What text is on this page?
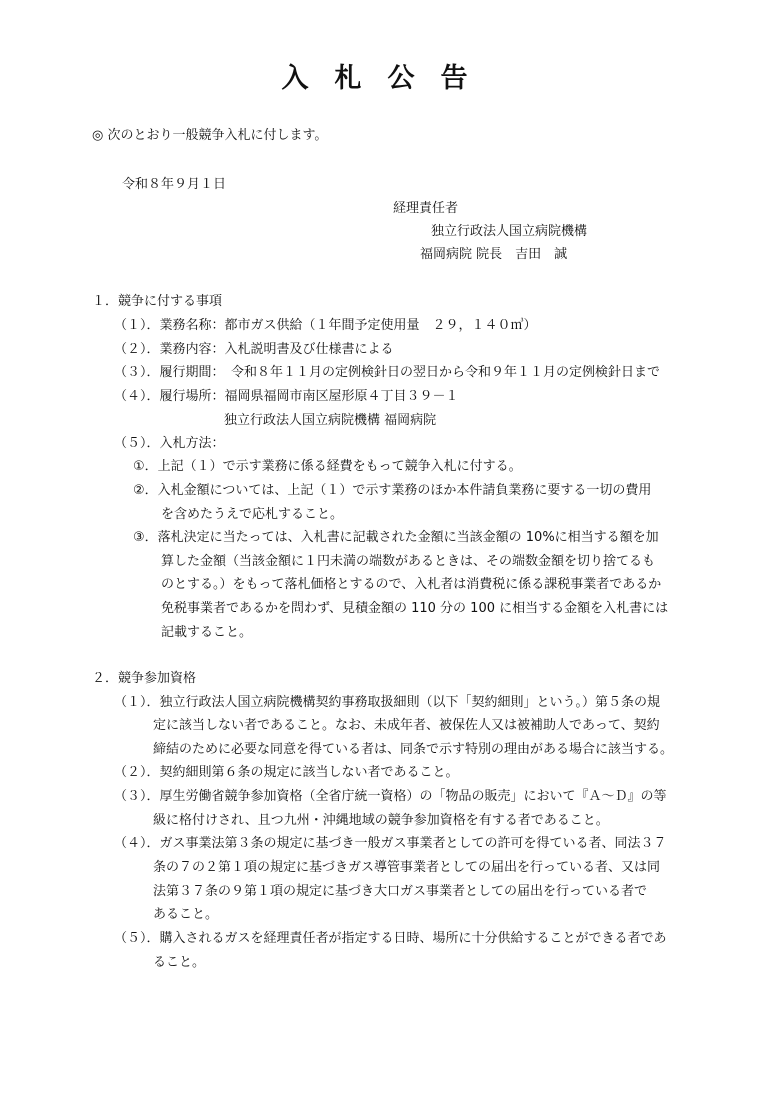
入札公告
◎ 次のとおり一般競争入札に付します。
令和８年９月１日
経理責任者
独立行政法人国立病院機構
福岡病院 院長　吉田　誠
１．競争に付する事項
（１）．業務名称：都市ガス供給（１年間予定使用量　２９，１４０㎥）
（２）．業務内容：入札説明書及び仕様書による
（３）．履行期間：　令和８年１１月の定例検針日の翌日から令和９年１１月の定例検針日まで
（４）．履行場所：福岡県福岡市南区屋形原４丁目３９－１
独立行政法人国立病院機構 福岡病院
（５）．入札方法：
①．上記（１）で示す業務に係る経費をもって競争入札に付する。
②．入札金額については、上記（１）で示す業務のほか本件請負業務に要する一切の費用
を含めたうえで応札すること。
③．落札決定に当たっては、入札書に記載された金額に当該金額の 10%に相当する額を加
算した金額（当該金額に１円未満の端数があるときは、その端数金額を切り捨てるも
のとする。）をもって落札価格とするので、入札者は消費税に係る課税事業者であるか
免税事業者であるかを問わず、見積金額の 110 分の 100 に相当する金額を入札書には
記載すること。
２．競争参加資格
（１）．独立行政法人国立病院機構契約事務取扱細則（以下「契約細則」という。）第５条の規
定に該当しない者であること。なお、未成年者、被保佐人又は被補助人であって、契約
締結のために必要な同意を得ている者は、同条で示す特別の理由がある場合に該当する。
（２）．契約細則第６条の規定に該当しない者であること。
（３）．厚生労働省競争参加資格（全省庁統一資格）の「物品の販売」において『Ａ～Ｄ』の等
級に格付けされ、且つ九州・沖縄地域の競争参加資格を有する者であること。
（４）．ガス事業法第３条の規定に基づき一般ガス事業者としての許可を得ている者、同法３７
条の７の２第１項の規定に基づきガス導管事業者としての届出を行っている者、又は同
法第３７条の９第１項の規定に基づき大口ガス事業者としての届出を行っている者で
あること。
（５）．購入されるガスを経理責任者が指定する日時、場所に十分供給することができる者であ
ること。
